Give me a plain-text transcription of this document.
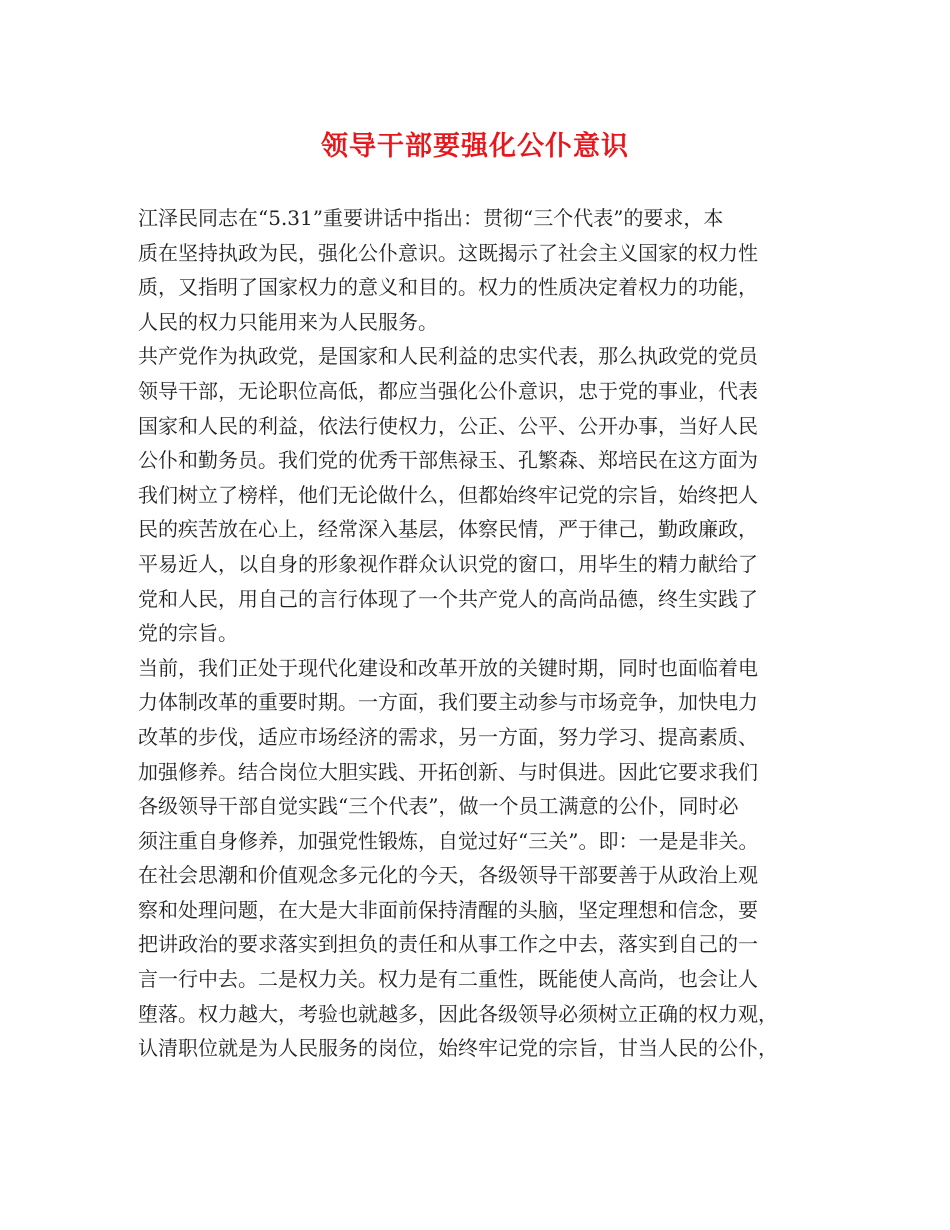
领导干部要强化公仆意识

江泽民同志在“5.31”重要讲话中指出：贯彻“三个代表”的要求，本

质在坚持执政为民，强化公仆意识。这既揭示了社会主义国家的权力性

质，又指明了国家权力的意义和目的。权力的性质决定着权力的功能，

人民的权力只能用来为人民服务。

共产党作为执政党，是国家和人民利益的忠实代表，那么执政党的党员

领导干部，无论职位高低，都应当强化公仆意识，忠于党的事业，代表

国家和人民的利益，依法行使权力，公正、公平、公开办事，当好人民

公仆和勤务员。我们党的优秀干部焦禄玉、孔繁森、郑培民在这方面为

我们树立了榜样，他们无论做什么，但都始终牢记党的宗旨，始终把人

民的疾苦放在心上，经常深入基层，体察民情，严于律己，勤政廉政，

平易近人，以自身的形象视作群众认识党的窗口，用毕生的精力献给了

党和人民，用自己的言行体现了一个共产党人的高尚品德，终生实践了

党的宗旨。

当前，我们正处于现代化建设和改革开放的关键时期，同时也面临着电

力体制改革的重要时期。一方面，我们要主动参与市场竞争，加快电力

改革的步伐，适应市场经济的需求，另一方面，努力学习、提高素质、

加强修养。结合岗位大胆实践、开拓创新、与时俱进。因此它要求我们

各级领导干部自觉实践“三个代表”，做一个员工满意的公仆，同时必

须注重自身修养，加强党性锻炼，自觉过好“三关”。即：一是是非关。

在社会思潮和价值观念多元化的今天，各级领导干部要善于从政治上观

察和处理问题，在大是大非面前保持清醒的头脑，坚定理想和信念，要

把讲政治的要求落实到担负的责任和从事工作之中去，落实到自己的一

言一行中去。二是权力关。权力是有二重性，既能使人高尚，也会让人

堕落。权力越大，考验也就越多，因此各级领导必须树立正确的权力观，

认清职位就是为人民服务的岗位，始终牢记党的宗旨，甘当人民的公仆，
